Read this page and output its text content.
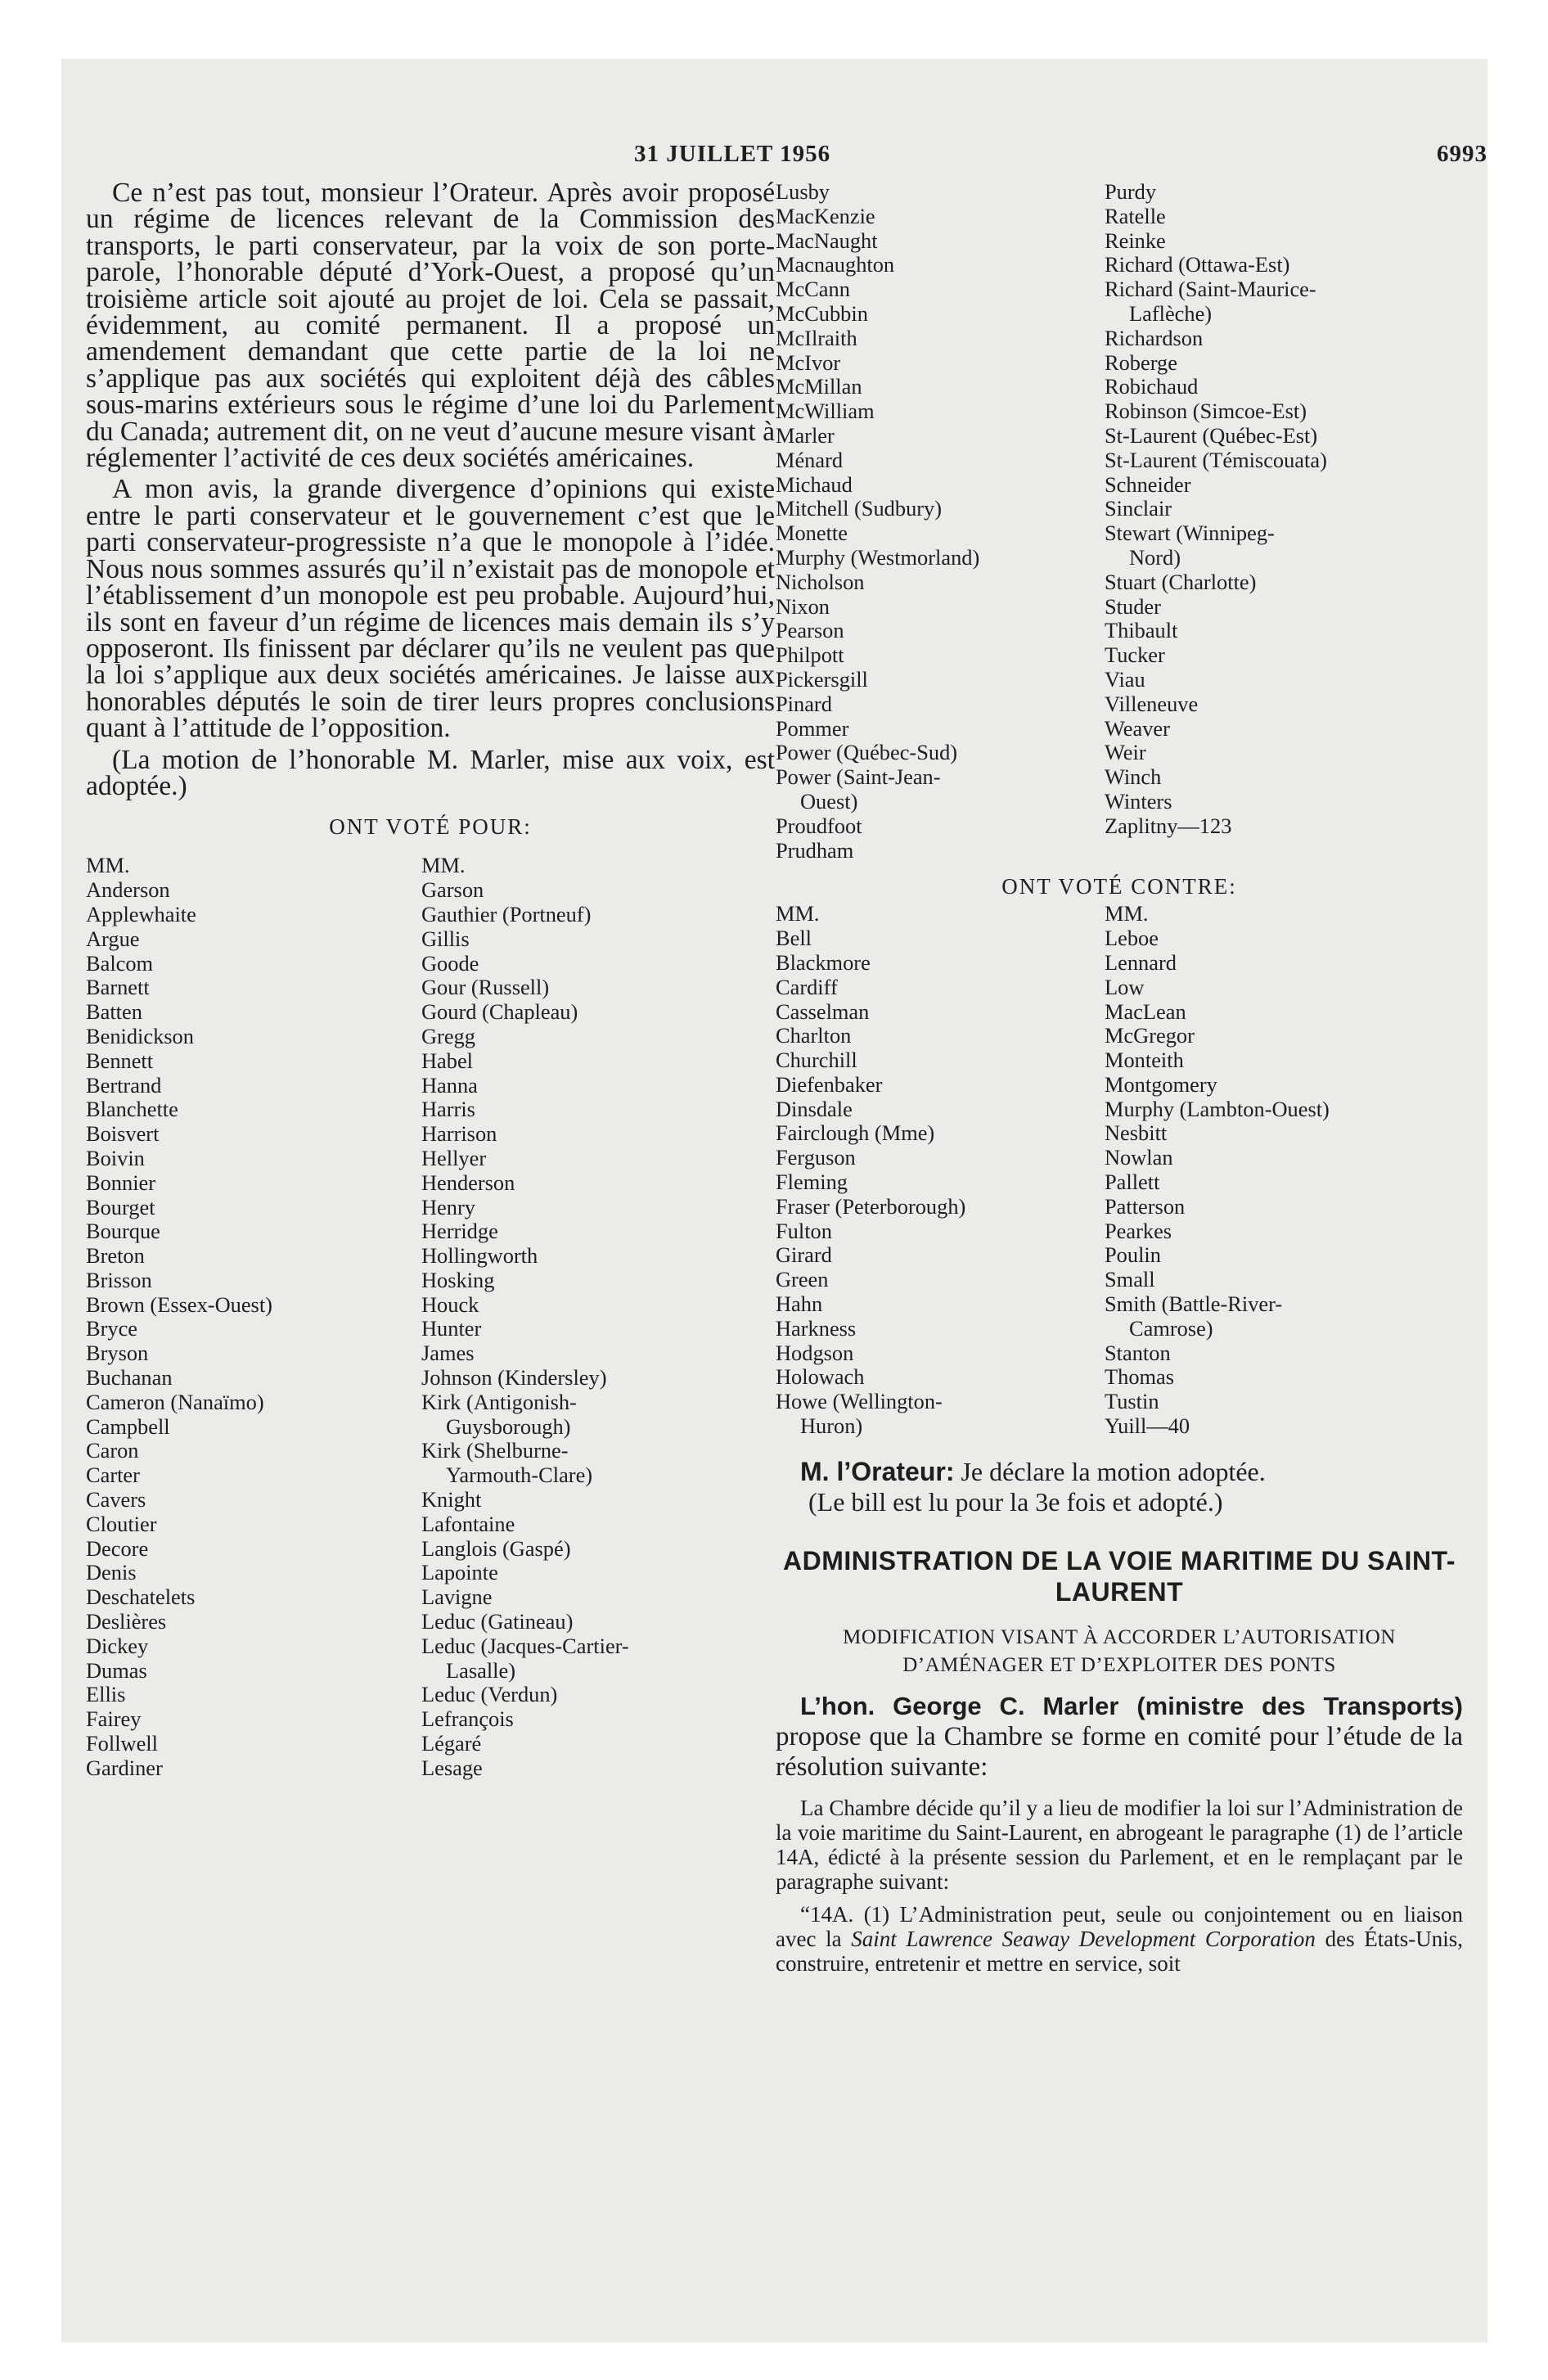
31 JUILLET 1956	6993

Ce n’est pas tout, monsieur l’Orateur. Après avoir proposé un régime de licences relevant de la Commission des transports, le parti conservateur, par la voix de son porte-parole, l’honorable député d’York-Ouest, a proposé qu’un troisième article soit ajouté au projet de loi. Cela se passait, évidemment, au comité permanent. Il a proposé un amendement demandant que cette partie de la loi ne s’applique pas aux sociétés qui exploitent déjà des câbles sous-marins extérieurs sous le régime d’une loi du Parlement du Canada; autrement dit, on ne veut d’aucune mesure visant à réglementer l’activité de ces deux sociétés américaines.

A mon avis, la grande divergence d’opinions qui existe entre le parti conservateur et le gouvernement c’est que le parti conservateur-progressiste n’a que le monopole à l’idée. Nous nous sommes assurés qu’il n’existait pas de monopole et l’établissement d’un monopole est peu probable. Aujourd’hui, ils sont en faveur d’un régime de licences mais demain ils s’y opposeront. Ils finissent par déclarer qu’ils ne veulent pas que la loi s’applique aux deux sociétés américaines. Je laisse aux honorables députés le soin de tirer leurs propres conclusions quant à l’attitude de l’opposition.

(La motion de l’honorable M. Marler, mise aux voix, est adoptée.)

ONT VOTÉ POUR:

MM.
Anderson
Applewhaite
Argue
Balcom
Barnett
Batten
Benidickson
Bennett
Bertrand
Blanchette
Boisvert
Boivin
Bonnier
Bourget
Bourque
Breton
Brisson
Brown (Essex-Ouest)
Bryce
Bryson
Buchanan
Cameron (Nanaïmo)
Campbell
Caron
Carter
Cavers
Cloutier
Decore
Denis
Deschatelets
Deslières
Dickey
Dumas
Ellis
Fairey
Follwell
Gardiner
MM.
Garson
Gauthier (Portneuf)
Gillis
Goode
Gour (Russell)
Gourd (Chapleau)
Gregg
Habel
Hanna
Harris
Harrison
Hellyer
Henderson
Henry
Herridge
Hollingworth
Hosking
Houck
Hunter
James
Johnson (Kindersley)
Kirk (Antigonish-
Guysborough)
Kirk (Shelburne-
Yarmouth-Clare)
Knight
Lafontaine
Langlois (Gaspé)
Lapointe
Lavigne
Leduc (Gatineau)
Leduc (Jacques-Cartier-
Lasalle)
Leduc (Verdun)
Lefrançois
Légaré
Lesage
Lusby
MacKenzie
MacNaught
Macnaughton
McCann
McCubbin
McIlraith
McIvor
McMillan
McWilliam
Marler
Ménard
Michaud
Mitchell (Sudbury)
Monette
Murphy (Westmorland)
Nicholson
Nixon
Pearson
Philpott
Pickersgill
Pinard
Pommer
Power (Québec-Sud)
Power (Saint-Jean-
Ouest)
Proudfoot
Prudham
Purdy
Ratelle
Reinke
Richard (Ottawa-Est)
Richard (Saint-Maurice-
Laflèche)
Richardson
Roberge
Robichaud
Robinson (Simcoe-Est)
St-Laurent (Québec-Est)
St-Laurent (Témiscouata)
Schneider
Sinclair
Stewart (Winnipeg-
Nord)
Stuart (Charlotte)
Studer
Thibault
Tucker
Viau
Villeneuve
Weaver
Weir
Winch
Winters
Zaplitny—123

ONT VOTÉ CONTRE:

MM.
Bell
Blackmore
Cardiff
Casselman
Charlton
Churchill
Diefenbaker
Dinsdale
Fairclough (Mme)
Ferguson
Fleming
Fraser (Peterborough)
Fulton
Girard
Green
Hahn
Harkness
Hodgson
Holowach
Howe (Wellington-
Huron)
MM.
Leboe
Lennard
Low
MacLean
McGregor
Monteith
Montgomery
Murphy (Lambton-Ouest)
Nesbitt
Nowlan
Pallett
Patterson
Pearkes
Poulin
Small
Smith (Battle-River-
Camrose)
Stanton
Thomas
Tustin
Yuill—40

M. l’Orateur: Je déclare la motion adoptée.

(Le bill est lu pour la 3e fois et adopté.)

ADMINISTRATION DE LA VOIE MARITIME DU SAINT-LAURENT

MODIFICATION VISANT À ACCORDER L’AUTORISATION D’AMÉNAGER ET D’EXPLOITER DES PONTS

L’hon. George C. Marler (ministre des Transports) propose que la Chambre se forme en comité pour l’étude de la résolution suivante:

La Chambre décide qu’il y a lieu de modifier la loi sur l’Administration de la voie maritime du Saint-Laurent, en abrogeant le paragraphe (1) de l’article 14A, édicté à la présente session du Parlement, et en le remplaçant par le paragraphe suivant:

“14A. (1) L’Administration peut, seule ou conjointement ou en liaison avec la Saint Lawrence Seaway Development Corporation des États-Unis, construire, entretenir et mettre en service, soit
